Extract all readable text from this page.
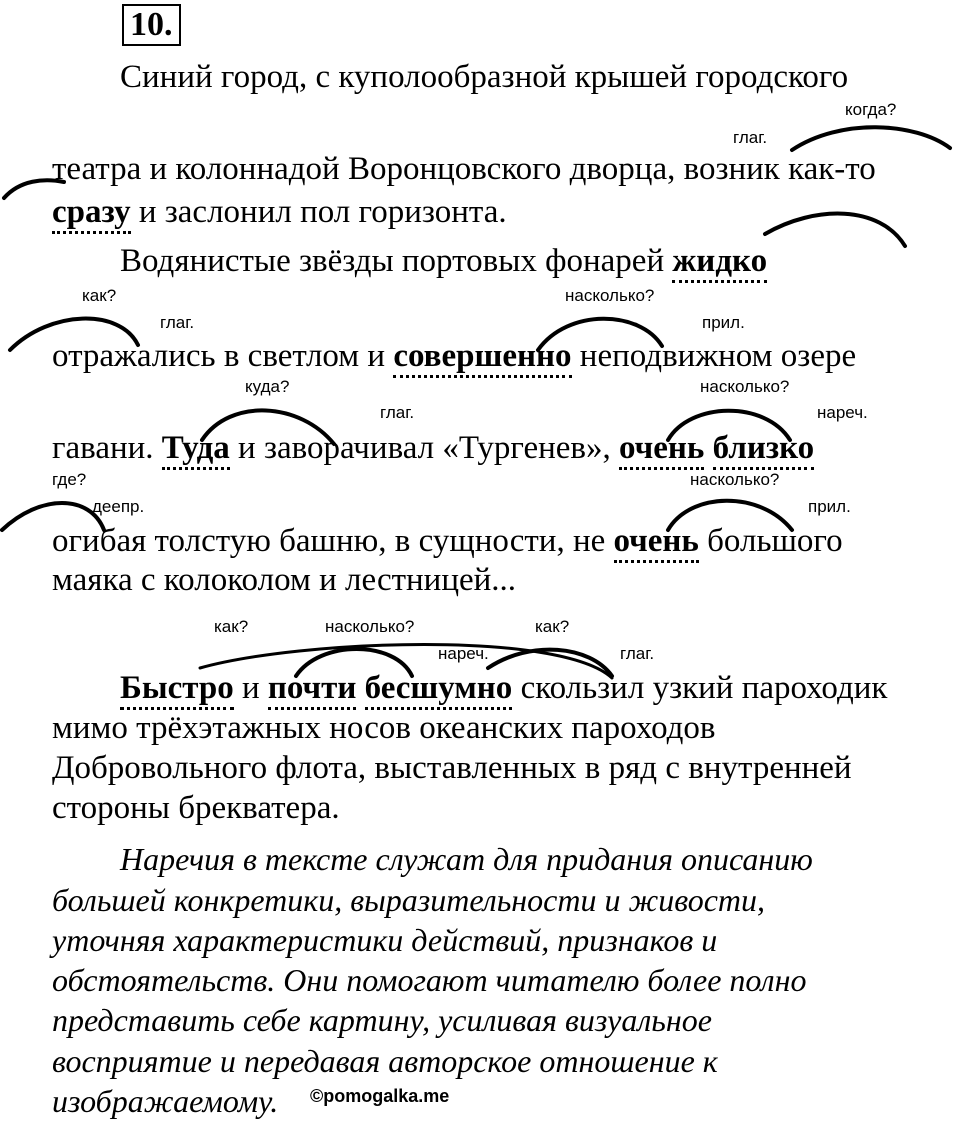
10.
Синий город, с куполообразной крышей городского
когда?
глаг.
театра и колоннадой Воронцовского дворца, возник как-то
сразу и заслонил пол горизонта.
Водянистые звёзды портовых фонарей жидко
как?	насколько?
глаг.	прил.
отражались в светлом и совершенно неподвижном озере
куда?	насколько?
глаг.	нареч.
гавани. Туда и заворачивал «Тургенев», очень близко
где?	насколько?
деепр.	прил.
огибая толстую башню, в сущности, не очень большого
маяка с колоколом и лестницей...
как?	насколько?	как?
нареч.	глаг.
Быстро и почти бесшумно скользил узкий пароходик
мимо трёхэтажных носов океанских пароходов
Добровольного флота, выставленных в ряд с внутренней
стороны брекватера.
Наречия в тексте служат для придания описанию
большей конкретики, выразительности и живости,
уточняя характеристики действий, признаков и
обстоятельств. Они помогают читателю более полно
представить себе картину, усиливая визуальное
восприятие и передавая авторское отношение к
изображаемому. ©pomogalka.me
